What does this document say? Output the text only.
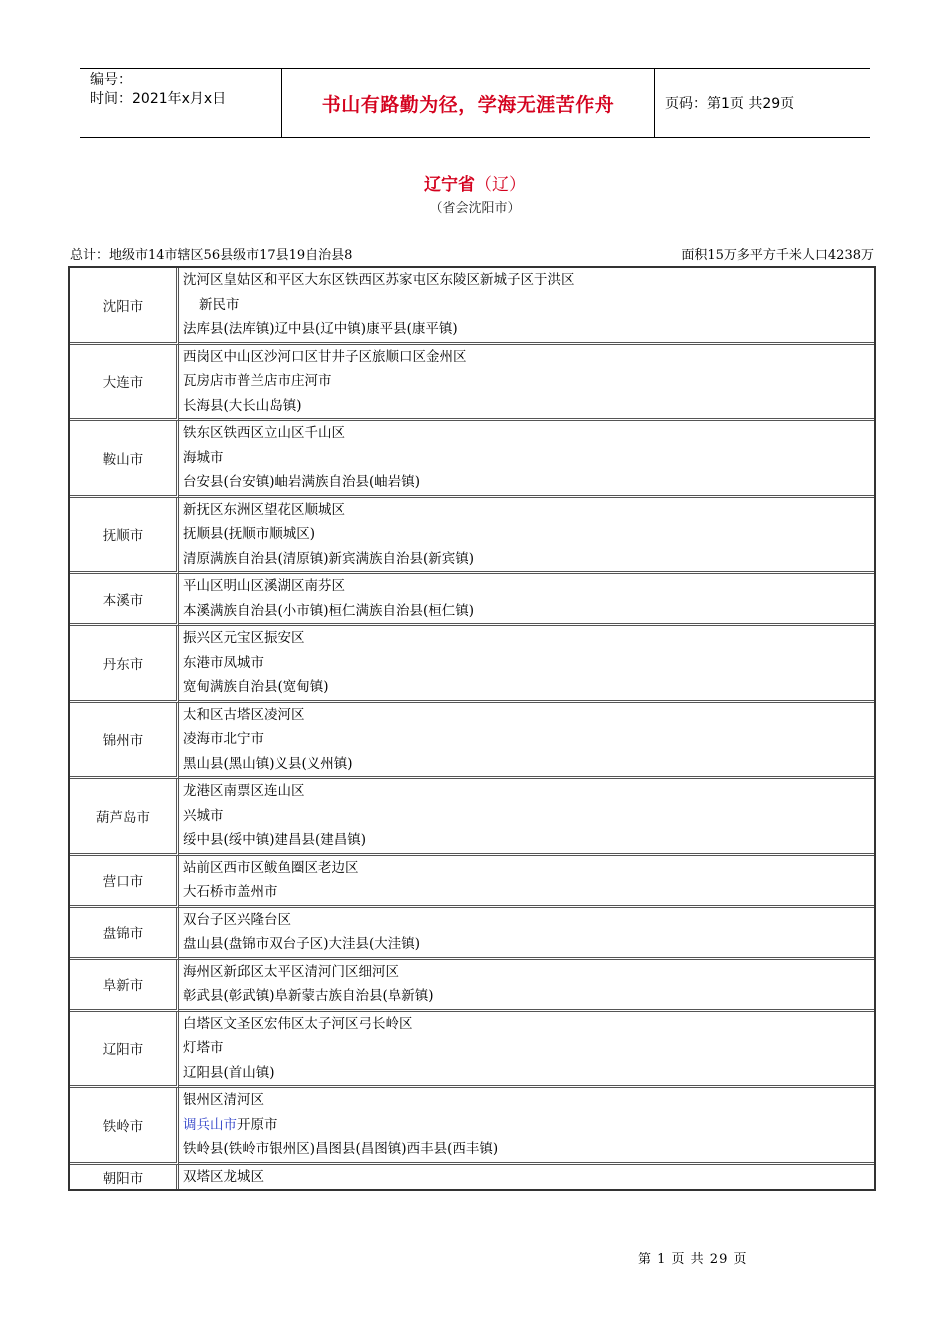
编号：
时间：2021年x月x日	书山有路勤为径，学海无涯苦作舟	页码：第1页 共29页
辽宁省（辽）
（省会沈阳市）
总计：地级市14市辖区56县级市17县19自治县8	面积15万多平方千米人口4238万
沈阳市	沈河区皇姑区和平区大东区铁西区苏家屯区东陵区新城子区于洪区
新民市
法库县(法库镇)辽中县(辽中镇)康平县(康平镇)

大连市	西岗区中山区沙河口区甘井子区旅顺口区金州区
瓦房店市普兰店市庄河市
长海县(大长山岛镇)

鞍山市	铁东区铁西区立山区千山区
海城市
台安县(台安镇)岫岩满族自治县(岫岩镇)

抚顺市	新抚区东洲区望花区顺城区
抚顺县(抚顺市顺城区)
清原满族自治县(清原镇)新宾满族自治县(新宾镇)

本溪市	平山区明山区溪湖区南芬区
本溪满族自治县(小市镇)桓仁满族自治县(桓仁镇)

丹东市	振兴区元宝区振安区
东港市凤城市
宽甸满族自治县(宽甸镇)

锦州市	太和区古塔区凌河区
凌海市北宁市
黑山县(黑山镇)义县(义州镇)

葫芦岛市	龙港区南票区连山区
兴城市
绥中县(绥中镇)建昌县(建昌镇)

营口市	站前区西市区鲅鱼圈区老边区
大石桥市盖州市

盘锦市	双台子区兴隆台区
盘山县(盘锦市双台子区)大洼县(大洼镇)

阜新市	海州区新邱区太平区清河门区细河区
彰武县(彰武镇)阜新蒙古族自治县(阜新镇)

辽阳市	白塔区文圣区宏伟区太子河区弓长岭区
灯塔市
辽阳县(首山镇)

铁岭市	银州区清河区
调兵山市开原市
铁岭县(铁岭市银州区)昌图县(昌图镇)西丰县(西丰镇)

朝阳市	双塔区龙城区
第 1 页 共 29 页
